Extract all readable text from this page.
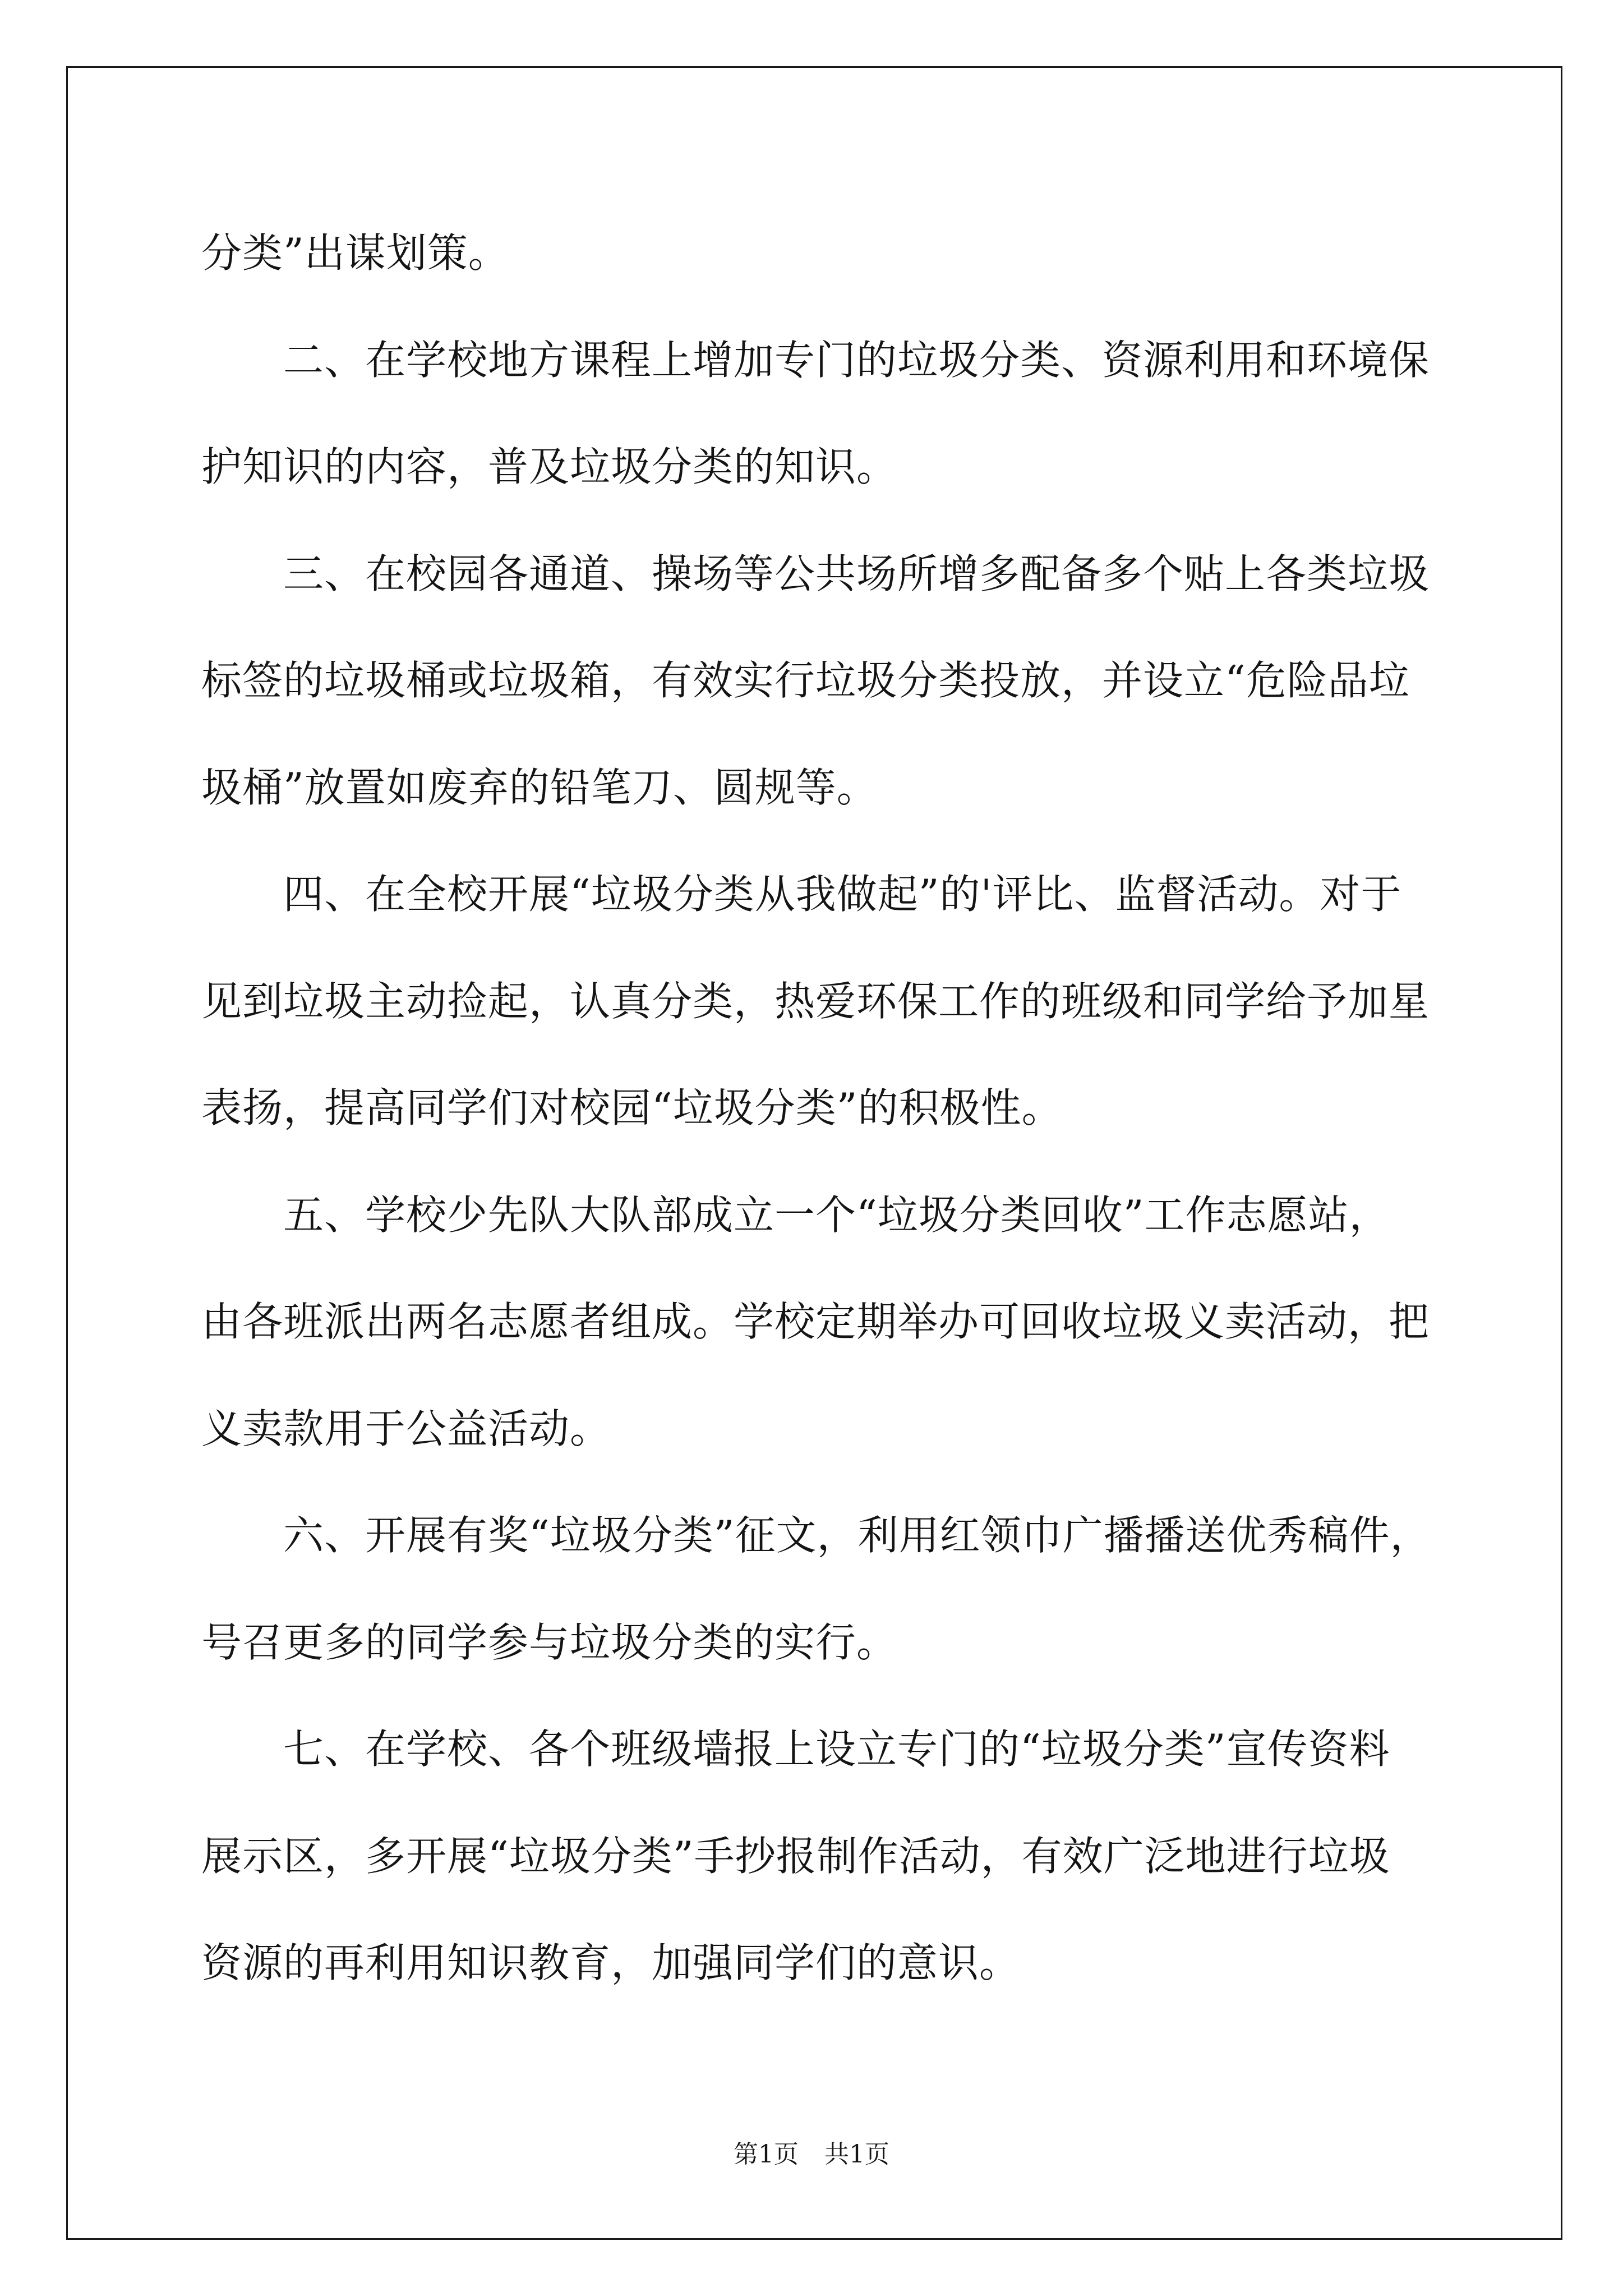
分类”出谋划策。
二、在学校地方课程上增加专门的垃圾分类、资源利用和环境保
护知识的内容，普及垃圾分类的知识。
三、在校园各通道、操场等公共场所增多配备多个贴上各类垃圾
标签的垃圾桶或垃圾箱，有效实行垃圾分类投放，并设立“危险品垃
圾桶”放置如废弃的铅笔刀、圆规等。
四、在全校开展“垃圾分类从我做起”的'评比、监督活动。对于
见到垃圾主动捡起，认真分类，热爱环保工作的班级和同学给予加星
表扬，提高同学们对校园“垃圾分类”的积极性。
五、学校少先队大队部成立一个“垃圾分类回收”工作志愿站，
由各班派出两名志愿者组成。学校定期举办可回收垃圾义卖活动，把
义卖款用于公益活动。
六、开展有奖“垃圾分类”征文，利用红领巾广播播送优秀稿件，
号召更多的同学参与垃圾分类的实行。
七、在学校、各个班级墙报上设立专门的“垃圾分类”宣传资料
展示区，多开展“垃圾分类”手抄报制作活动，有效广泛地进行垃圾
资源的再利用知识教育，加强同学们的意识。
第1页 共1页
